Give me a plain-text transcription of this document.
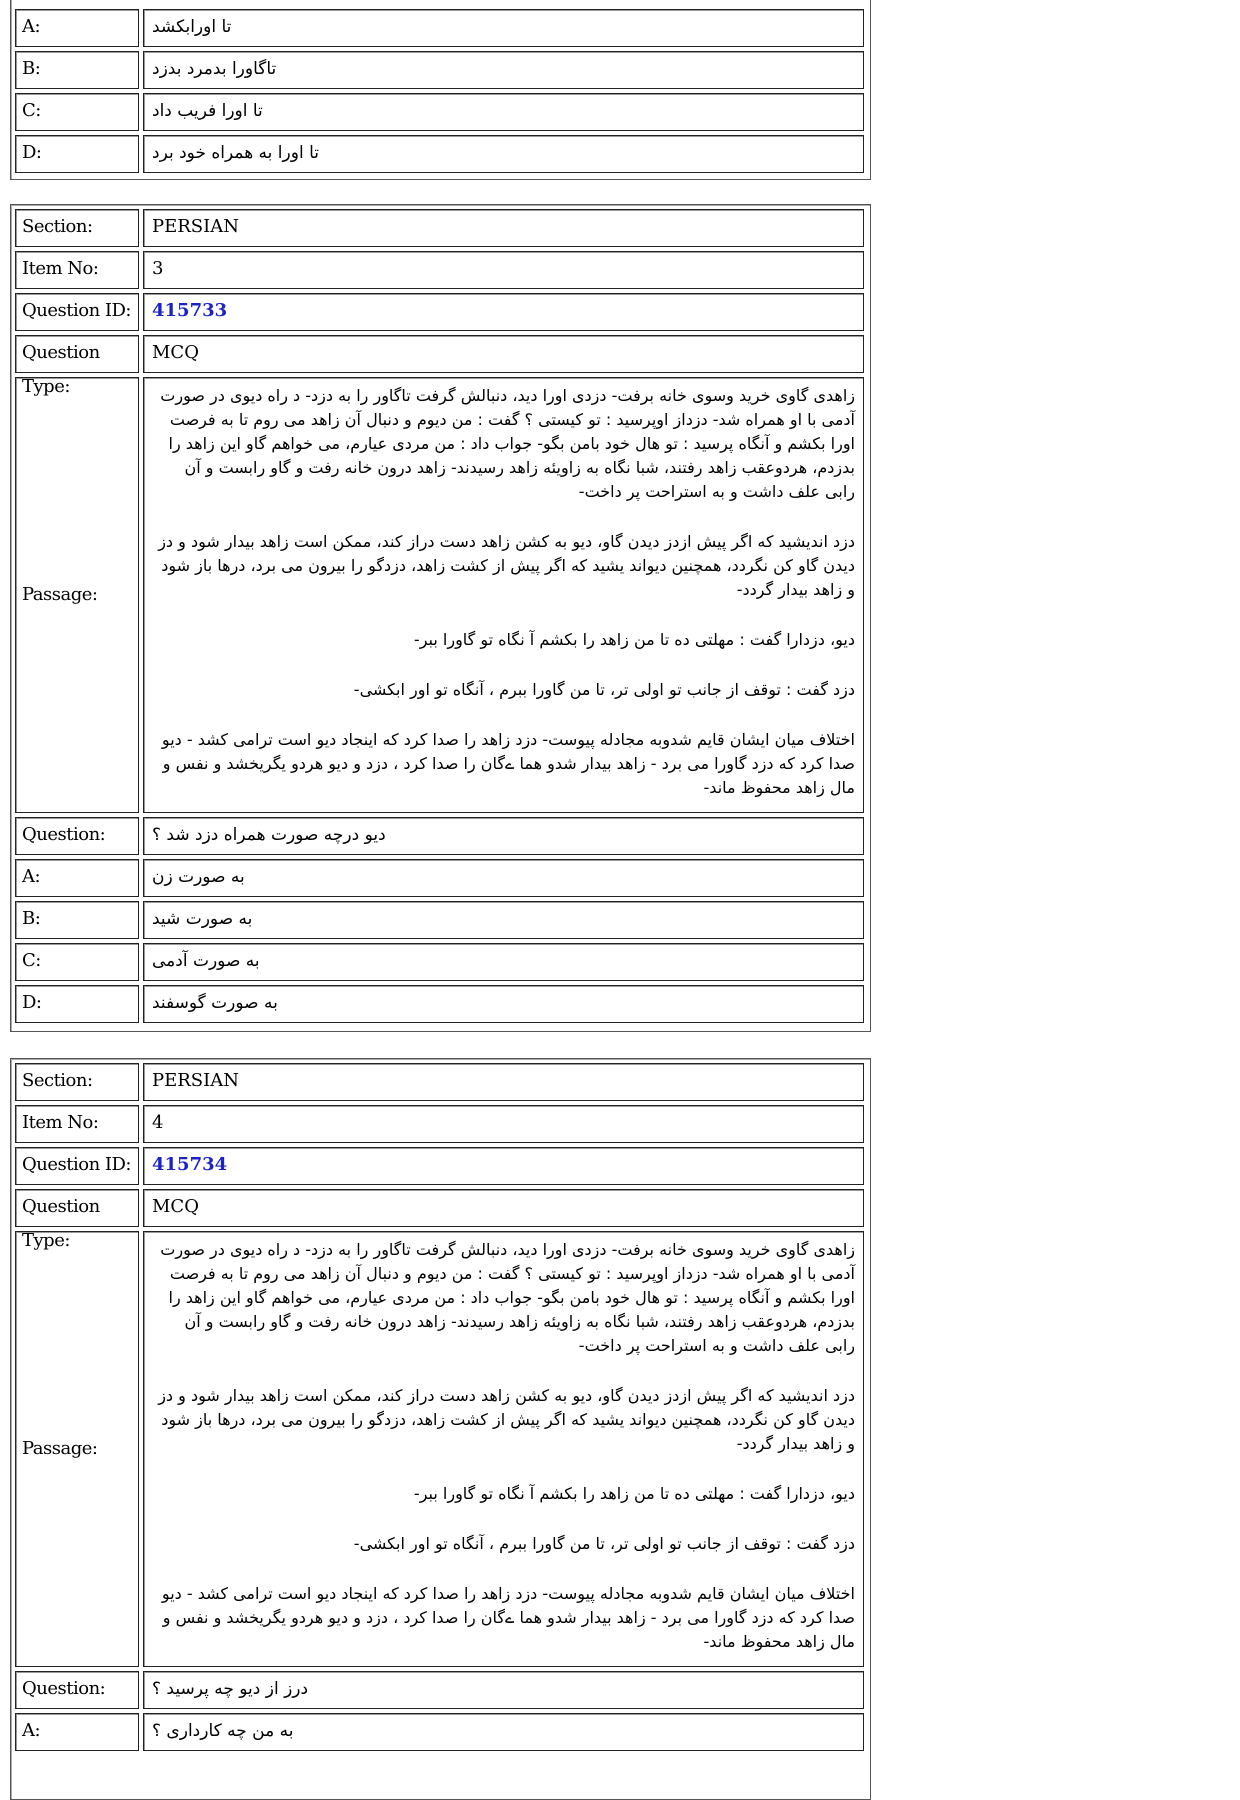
A:	تا اورابکشد
B:	تاگاورا بدمرد بدزد
C:	تا اورا فریب داد
D:	تا اورا به همراه خود برد
Section:	PERSIAN
Item No:	3
Question ID:	415733
Question Type:
MCQ
Passage:

زاهدی گاوی خرید وسوی خانه برفت- دزدی اورا دید، دنبالش گرفت تاگاور را به دزد- د راه دیوی در صورت آدمی با او همراه شد- دزداز اوپرسید : تو کیستی ؟ گفت : من دیوم و دنبال آن زاهد می روم تا به فرصت اورا بکشم و آنگاه پرسید : تو هال خود بامن بگو- جواب داد : من مردی عیارم، می خواهم گاو این زاهد را بدزدم، هردوعقب زاهد رفتند، شبا نگاه به زاویئه زاهد رسیدند- زاهد درون خانه رفت و گاو رابست و آن رابی علف داشت و به استراحت پر داخت-

دزد اندیشید که اگر پیش ازدز دیدن گاو، دیو به کشن زاهد دست دراز کند، ممکن است زاهد بیدار شود و دز دیدن گاو کن نگردد، همچنین دیواند یشید که اگر پیش از کشت زاهد، دزدگو را بیرون می برد، درها باز شود و زاهد بیدار گردد-

دیو، دزدارا گفت : مهلتی ده تا من زاهد را بکشم آ نگاه تو گاورا ببر-

دزد گفت : توقف از جانب تو اولی تر، تا من گاورا ببرم ، آنگاه تو اور ابکشی-

اختلاف میان ایشان قایم شدوبه مجادله پیوست- دزد زاهد را صدا کرد که اینجاد دیو است ترامی کشد - دیو صدا کرد که دزد گاورا می برد - زاهد بیدار شدو هما ےگان را صدا کرد ، دزد و دیو هردو یگریخشد و نفس و مال زاهد محفوظ ماند-

Question:	دیو درچه صورت همراه دزد شد ؟
A:	به صورت زن
B:	به صورت شید
C:	به صورت آدمی
D:	به صورت گوسفند
Section:	PERSIAN
Item No:	4
Question ID:	415734
Question Type:
MCQ
Passage:

زاهدی گاوی خرید وسوی خانه برفت- دزدی اورا دید، دنبالش گرفت تاگاور را به دزد- د راه دیوی در صورت آدمی با او همراه شد- دزداز اوپرسید : تو کیستی ؟ گفت : من دیوم و دنبال آن زاهد می روم تا به فرصت اورا بکشم و آنگاه پرسید : تو هال خود بامن بگو- جواب داد : من مردی عیارم، می خواهم گاو این زاهد را بدزدم، هردوعقب زاهد رفتند، شبا نگاه به زاویئه زاهد رسیدند- زاهد درون خانه رفت و گاو رابست و آن رابی علف داشت و به استراحت پر داخت-

دزد اندیشید که اگر پیش ازدز دیدن گاو، دیو به کشن زاهد دست دراز کند، ممکن است زاهد بیدار شود و دز دیدن گاو کن نگردد، همچنین دیواند یشید که اگر پیش از کشت زاهد، دزدگو را بیرون می برد، درها باز شود و زاهد بیدار گردد-

دیو، دزدارا گفت : مهلتی ده تا من زاهد را بکشم آ نگاه تو گاورا ببر-

دزد گفت : توقف از جانب تو اولی تر، تا من گاورا ببرم ، آنگاه تو اور ابکشی-

اختلاف میان ایشان قایم شدوبه مجادله پیوست- دزد زاهد را صدا کرد که اینجاد دیو است ترامی کشد - دیو صدا کرد که دزد گاورا می برد - زاهد بیدار شدو هما ےگان را صدا کرد ، دزد و دیو هردو یگریخشد و نفس و مال زاهد محفوظ ماند-

Question:	درز از دیو چه پرسید ؟
A:	به من چه کارداری ؟
